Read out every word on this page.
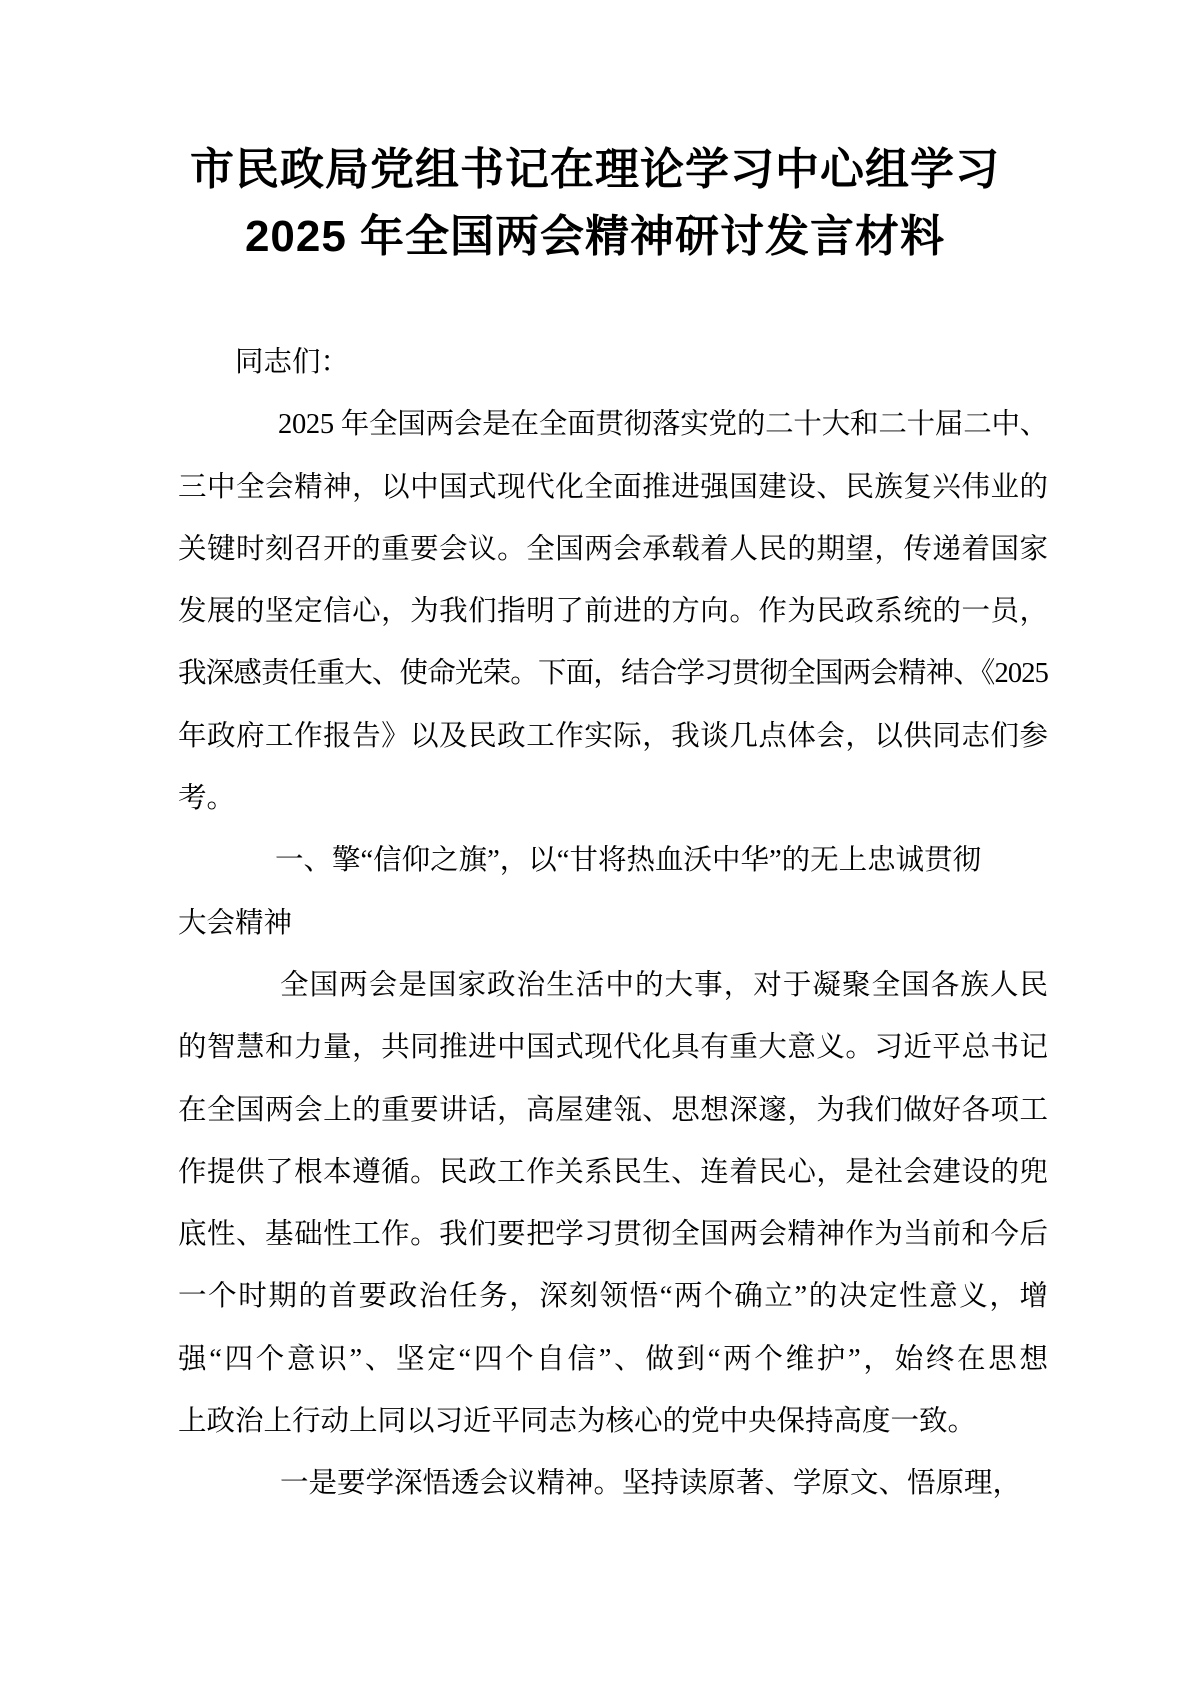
市民政局党组书记在理论学习中心组学习
2025 年全国两会精神研讨发言材料
同志们：
2025 年全国两会是在全面贯彻落实党的二十大和二十届二中、
三中全会精神，以中国式现代化全面推进强国建设、民族复兴伟业的
关键时刻召开的重要会议。全国两会承载着人民的期望，传递着国家
发展的坚定信心，为我们指明了前进的方向。作为民政系统的一员，
我深感责任重大、使命光荣。下面，结合学习贯彻全国两会精神、《2025
年政府工作报告》以及民政工作实际，我谈几点体会，以供同志们参
考。
一、擎“信仰之旗”，以“甘将热血沃中华”的无上忠诚贯彻
大会精神
全国两会是国家政治生活中的大事，对于凝聚全国各族人民
的智慧和力量，共同推进中国式现代化具有重大意义。习近平总书记
在全国两会上的重要讲话，高屋建瓴、思想深邃，为我们做好各项工
作提供了根本遵循。民政工作关系民生、连着民心，是社会建设的兜
底性、基础性工作。我们要把学习贯彻全国两会精神作为当前和今后
一个时期的首要政治任务，深刻领悟“两个确立”的决定性意义，增
强“四个意识”、坚定“四个自信”、做到“两个维护”，始终在思想
上政治上行动上同以习近平同志为核心的党中央保持高度一致。
一是要学深悟透会议精神。坚持读原著、学原文、悟原理，
